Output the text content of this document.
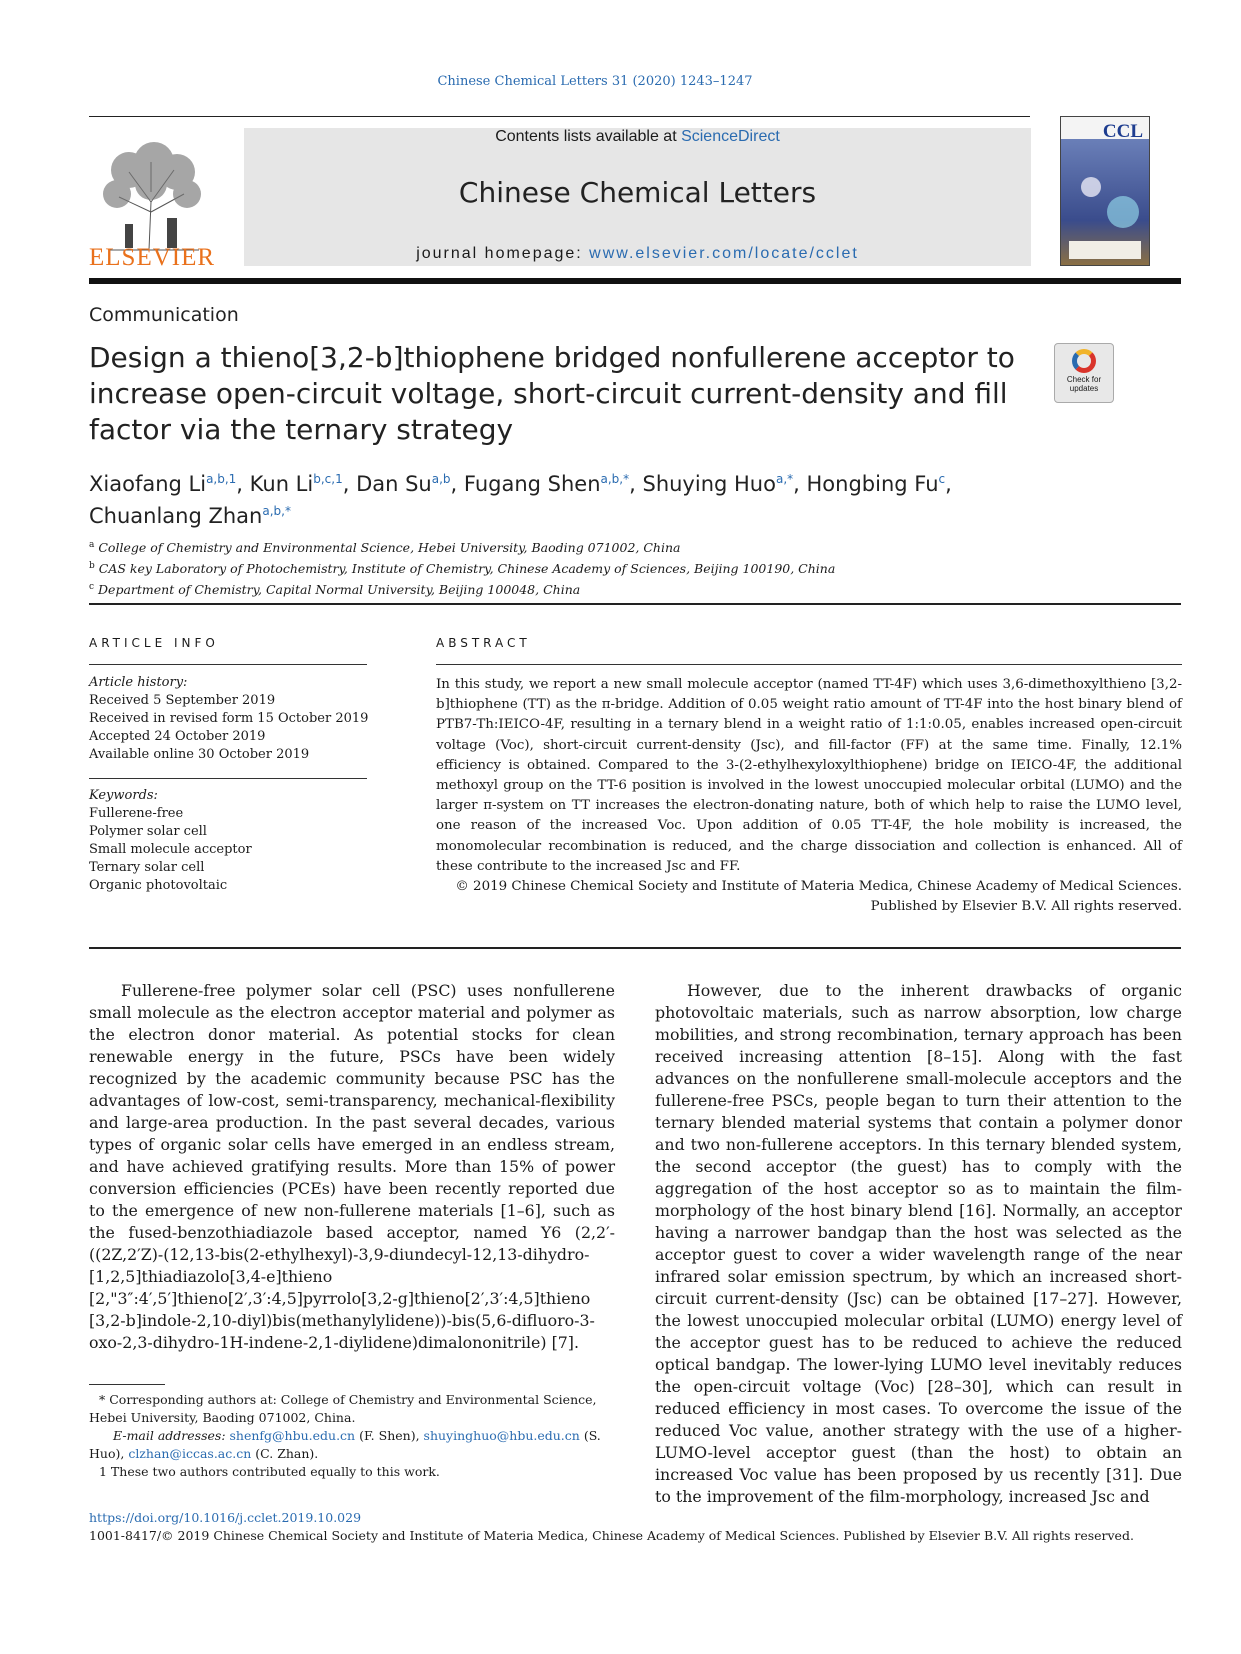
Chinese Chemical Letters 31 (2020) 1243–1247
ELSEVIER
Contents lists available at ScienceDirect
Chinese Chemical Letters
journal homepage: www.elsevier.com/locate/cclet
CCL
Communication
Design a thieno[3,2-b]thiophene bridged nonfullerene acceptor to increase open-circuit voltage, short-circuit current-density and fill factor via the ternary strategy
Check for updates
Xiaofang Li$^{a,b,1}$, Kun Li$^{b,c,1}$, Dan Su$^{a,b}$, Fugang Shen$^{a,b,*}$, Shuying Huo$^{a,*}$, Hongbing Fu$^c$,
Chuanlang Zhan$^{a,b,*}$
$^a$ College of Chemistry and Environmental Science, Hebei University, Baoding 071002, China
$^b$ CAS key Laboratory of Photochemistry, Institute of Chemistry, Chinese Academy of Sciences, Beijing 100190, China
$^c$ Department of Chemistry, Capital Normal University, Beijing 100048, China
ARTICLE INFO	ABSTRACT
Article history:
Received 5 September 2019
Received in revised form 15 October 2019
Accepted 24 October 2019
Available online 30 October 2019
Keywords:
Fullerene-free
Polymer solar cell
Small molecule acceptor
Ternary solar cell
Organic photovoltaic
In this study, we report a new small molecule acceptor (named TT-4F) which uses 3,6-dimethoxylthieno [3,2-b]thiophene (TT) as the π-bridge. Addition of 0.05 weight ratio amount of TT-4F into the host binary blend of PTB7-Th:IEICO-4F, resulting in a ternary blend in a weight ratio of 1:1:0.05, enables increased open-circuit voltage (Voc), short-circuit current-density (Jsc), and fill-factor (FF) at the same time. Finally, 12.1% efficiency is obtained. Compared to the 3-(2-ethylhexyloxylthiophene) bridge on IEICO-4F, the additional methoxyl group on the TT-6 position is involved in the lowest unoccupied molecular orbital (LUMO) and the larger π-system on TT increases the electron-donating nature, both of which help to raise the LUMO level, one reason of the increased Voc. Upon addition of 0.05 TT-4F, the hole mobility is increased, the monomolecular recombination is reduced, and the charge dissociation and collection is enhanced. All of these contribute to the increased Jsc and FF.
© 2019 Chinese Chemical Society and Institute of Materia Medica, Chinese Academy of Medical Sciences.
Published by Elsevier B.V. All rights reserved.

Fullerene-free polymer solar cell (PSC) uses nonfullerene small molecule as the electron acceptor material and polymer as the electron donor material. As potential stocks for clean renewable energy in the future, PSCs have been widely recognized by the academic community because PSC has the advantages of low-cost, semi-transparency, mechanical-flexibility and large-area production. In the past several decades, various types of organic solar cells have emerged in an endless stream, and have achieved gratifying results. More than 15% of power conversion efficiencies (PCEs) have been recently reported due to the emergence of new non-fullerene materials [1–6], such as the fused-benzothiadiazole based acceptor, named Y6 (2,2′-((2Z,2′Z)-(12,13-bis(2-ethylhexyl)-3,9-diundecyl-12,13-dihydro-[1,2,5]thiadiazolo[3,4-e]thieno [2,"3″:4′,5′]thieno[2′,3′:4,5]pyrrolo[3,2-g]thieno[2′,3′:4,5]thieno [3,2-b]indole-2,10-diyl)bis(methanylylidene))-bis(5,6-difluoro-3-oxo-2,3-dihydro-1H-indene-2,1-diylidene)dimalononitrile) [7].

However, due to the inherent drawbacks of organic photovoltaic materials, such as narrow absorption, low charge mobilities, and strong recombination, ternary approach has been received increasing attention [8–15]. Along with the fast advances on the nonfullerene small-molecule acceptors and the fullerene-free PSCs, people began to turn their attention to the ternary blended material systems that contain a polymer donor and two non-fullerene acceptors. In this ternary blended system, the second acceptor (the guest) has to comply with the aggregation of the host acceptor so as to maintain the film-morphology of the host binary blend [16]. Normally, an acceptor having a narrower bandgap than the host was selected as the acceptor guest to cover a wider wavelength range of the near infrared solar emission spectrum, by which an increased short-circuit current-density (Jsc) can be obtained [17–27]. However, the lowest unoccupied molecular orbital (LUMO) energy level of the acceptor guest has to be reduced to achieve the reduced optical bandgap. The lower-lying LUMO level inevitably reduces the open-circuit voltage (Voc) [28–30], which can result in reduced efficiency in most cases. To overcome the issue of the reduced Voc value, another strategy with the use of a higher-LUMO-level acceptor guest (than the host) to obtain an increased Voc value has been proposed by us recently [31]. Due to the improvement of the film-morphology, increased Jsc and

* Corresponding authors at: College of Chemistry and Environmental Science, Hebei University, Baoding 071002, China.

E-mail addresses: shenfg@hbu.edu.cn (F. Shen), shuyinghuo@hbu.edu.cn (S. Huo), clzhan@iccas.ac.cn (C. Zhan).

1 These two authors contributed equally to this work.

https://doi.org/10.1016/j.cclet.2019.10.029
1001-8417/© 2019 Chinese Chemical Society and Institute of Materia Medica, Chinese Academy of Medical Sciences. Published by Elsevier B.V. All rights reserved.
